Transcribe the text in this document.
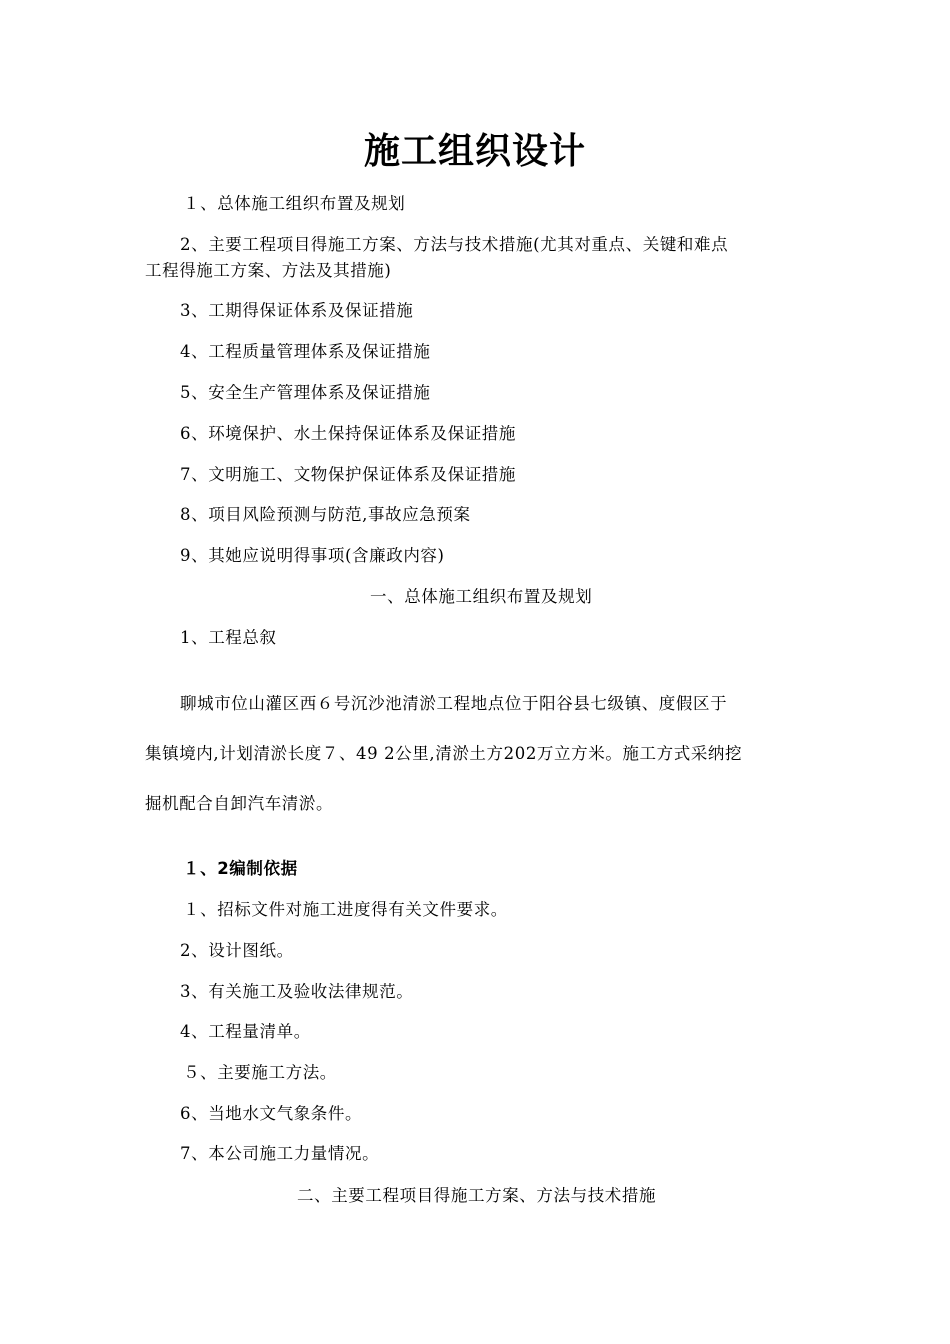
施工组织设计
１、总体施工组织布置及规划
2、主要工程项目得施工方案、方法与技术措施(尤其对重点、关键和难点
工程得施工方案、方法及其措施)
3、工期得保证体系及保证措施
4、工程质量管理体系及保证措施
5、安全生产管理体系及保证措施
6、环境保护、水土保持保证体系及保证措施
7、文明施工、文物保护保证体系及保证措施
8、项目风险预测与防范,事故应急预案
9、其她应说明得事项(含廉政内容)
一、总体施工组织布置及规划
1、工程总叙
聊城市位山灌区西６号沉沙池清淤工程地点位于阳谷县七级镇、度假区于
集镇境内,计划清淤长度７、49 2公里,清淤土方202万立方米。施工方式采纳挖
掘机配合自卸汽车清淤。
１、2编制依据
１、招标文件对施工进度得有关文件要求。
2、设计图纸。
3、有关施工及验收法律规范。
4、工程量清单。
５、主要施工方法。
6、当地水文气象条件。
7、本公司施工力量情况。
二、主要工程项目得施工方案、方法与技术措施
